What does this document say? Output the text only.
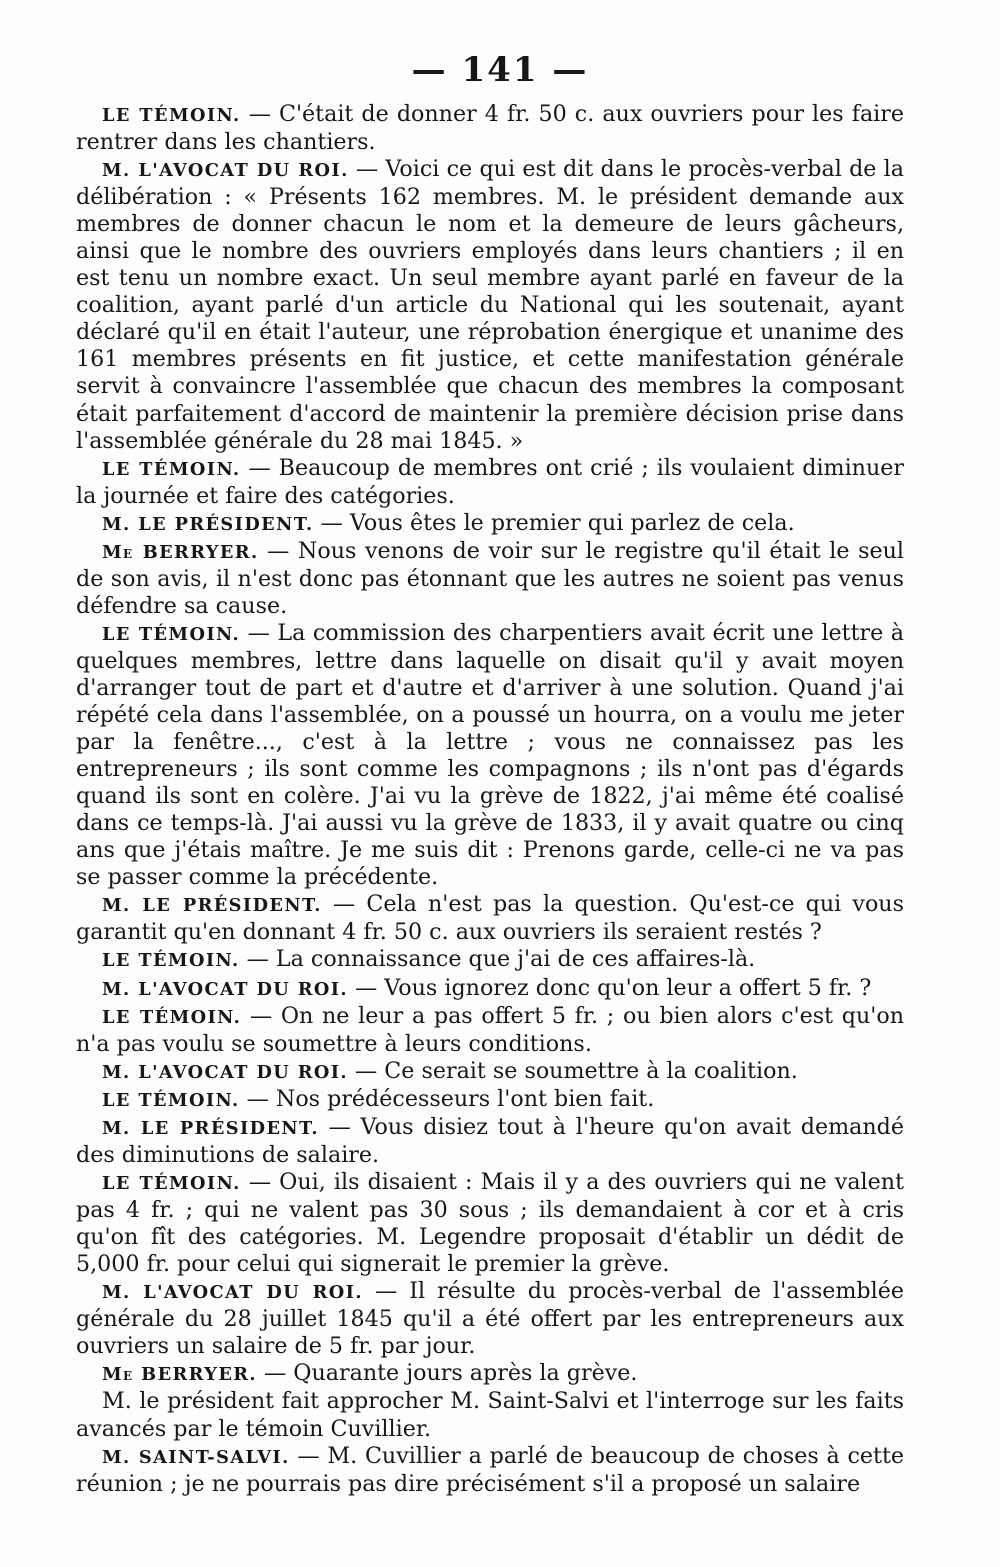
— 141 —

LE TÉMOIN. — C'était de donner 4 fr. 50 c. aux ouvriers pour les faire rentrer dans les chantiers.

M. L'AVOCAT DU ROI. — Voici ce qui est dit dans le procès-verbal de la délibération : « Présents 162 membres. M. le président demande aux membres de donner chacun le nom et la demeure de leurs gâcheurs, ainsi que le nombre des ouvriers employés dans leurs chantiers ; il en est tenu un nombre exact. Un seul membre ayant parlé en faveur de la coalition, ayant parlé d'un article du National qui les soutenait, ayant déclaré qu'il en était l'auteur, une réprobation énergique et unanime des 161 membres présents en fit justice, et cette manifestation générale servit à convaincre l'assemblée que chacun des membres la composant était parfaitement d'accord de maintenir la première décision prise dans l'assemblée générale du 28 mai 1845. »

LE TÉMOIN. — Beaucoup de membres ont crié ; ils voulaient diminuer la journée et faire des catégories.

M. LE PRÉSIDENT. — Vous êtes le premier qui parlez de cela.

Me BERRYER. — Nous venons de voir sur le registre qu'il était le seul de son avis, il n'est donc pas étonnant que les autres ne soient pas venus défendre sa cause.

LE TÉMOIN. — La commission des charpentiers avait écrit une lettre à quelques membres, lettre dans laquelle on disait qu'il y avait moyen d'arranger tout de part et d'autre et d'arriver à une solution. Quand j'ai répété cela dans l'assemblée, on a poussé un hourra, on a voulu me jeter par la fenêtre..., c'est à la lettre ; vous ne connaissez pas les entrepreneurs ; ils sont comme les compagnons ; ils n'ont pas d'égards quand ils sont en colère. J'ai vu la grève de 1822, j'ai même été coalisé dans ce temps-là. J'ai aussi vu la grève de 1833, il y avait quatre ou cinq ans que j'étais maître. Je me suis dit : Prenons garde, celle-ci ne va pas se passer comme la précédente.

M. LE PRÉSIDENT. — Cela n'est pas la question. Qu'est-ce qui vous garantit qu'en donnant 4 fr. 50 c. aux ouvriers ils seraient restés ?

LE TÉMOIN. — La connaissance que j'ai de ces affaires-là.

M. L'AVOCAT DU ROI. — Vous ignorez donc qu'on leur a offert 5 fr. ?

LE TÉMOIN. — On ne leur a pas offert 5 fr. ; ou bien alors c'est qu'on n'a pas voulu se soumettre à leurs conditions.

M. L'AVOCAT DU ROI. — Ce serait se soumettre à la coalition.

LE TÉMOIN. — Nos prédécesseurs l'ont bien fait.

M. LE PRÉSIDENT. — Vous disiez tout à l'heure qu'on avait demandé des diminutions de salaire.

LE TÉMOIN. — Oui, ils disaient : Mais il y a des ouvriers qui ne valent pas 4 fr. ; qui ne valent pas 30 sous ; ils demandaient à cor et à cris qu'on fît des catégories. M. Legendre proposait d'établir un dédit de 5,000 fr. pour celui qui signerait le premier la grève.

M. L'AVOCAT DU ROI. — Il résulte du procès-verbal de l'assemblée générale du 28 juillet 1845 qu'il a été offert par les entrepreneurs aux ouvriers un salaire de 5 fr. par jour.

Me BERRYER. — Quarante jours après la grève.

M. le président fait approcher M. Saint-Salvi et l'interroge sur les faits avancés par le témoin Cuvillier.

M. SAINT-SALVI. — M. Cuvillier a parlé de beaucoup de choses à cette réunion ; je ne pourrais pas dire précisément s'il a proposé un salaire
